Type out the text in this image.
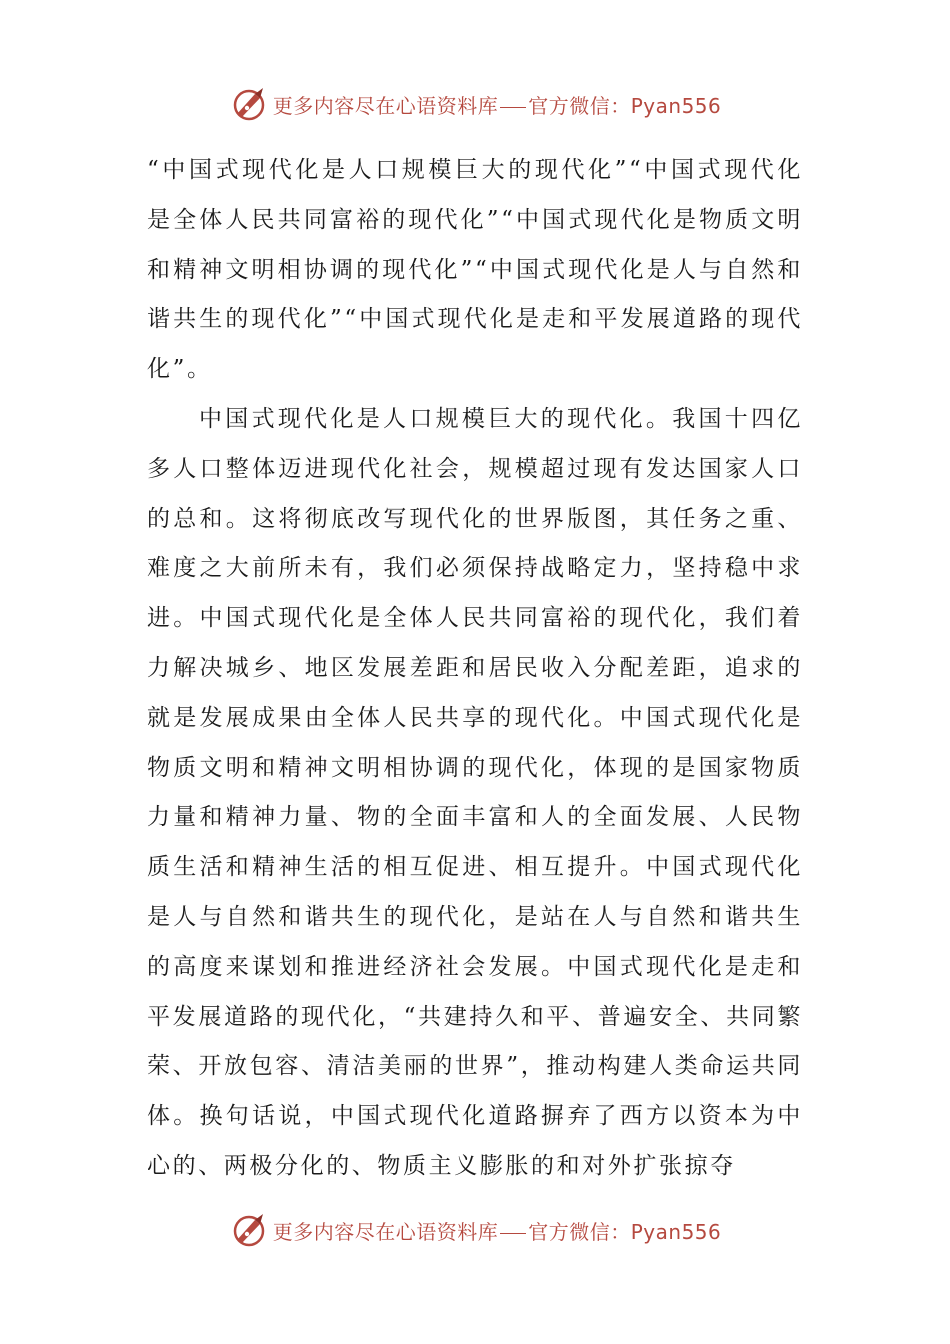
更多内容尽在心语资料库 官方微信：Pyan556

“中国式现代化是人口规模巨大的现代化”“中国式现代化是全体人民共同富裕的现代化”“中国式现代化是物质文明和精神文明相协调的现代化”“中国式现代化是人与自然和谐共生的现代化”“中国式现代化是走和平发展道路的现代化”。

中国式现代化是人口规模巨大的现代化。我国十四亿多人口整体迈进现代化社会，规模超过现有发达国家人口的总和。这将彻底改写现代化的世界版图，其任务之重、难度之大前所未有，我们必须保持战略定力，坚持稳中求进。中国式现代化是全体人民共同富裕的现代化，我们着力解决城乡、地区发展差距和居民收入分配差距，追求的就是发展成果由全体人民共享的现代化。中国式现代化是物质文明和精神文明相协调的现代化，体现的是国家物质力量和精神力量、物的全面丰富和人的全面发展、人民物质生活和精神生活的相互促进、相互提升。中国式现代化是人与自然和谐共生的现代化，是站在人与自然和谐共生的高度来谋划和推进经济社会发展。中国式现代化是走和平发展道路的现代化，“共建持久和平、普遍安全、共同繁荣、开放包容、清洁美丽的世界”，推动构建人类命运共同体。换句话说，中国式现代化道路摒弃了西方以资本为中心的、两极分化的、物质主义膨胀的和对外扩张掠夺

更多内容尽在心语资料库 官方微信：Pyan556
